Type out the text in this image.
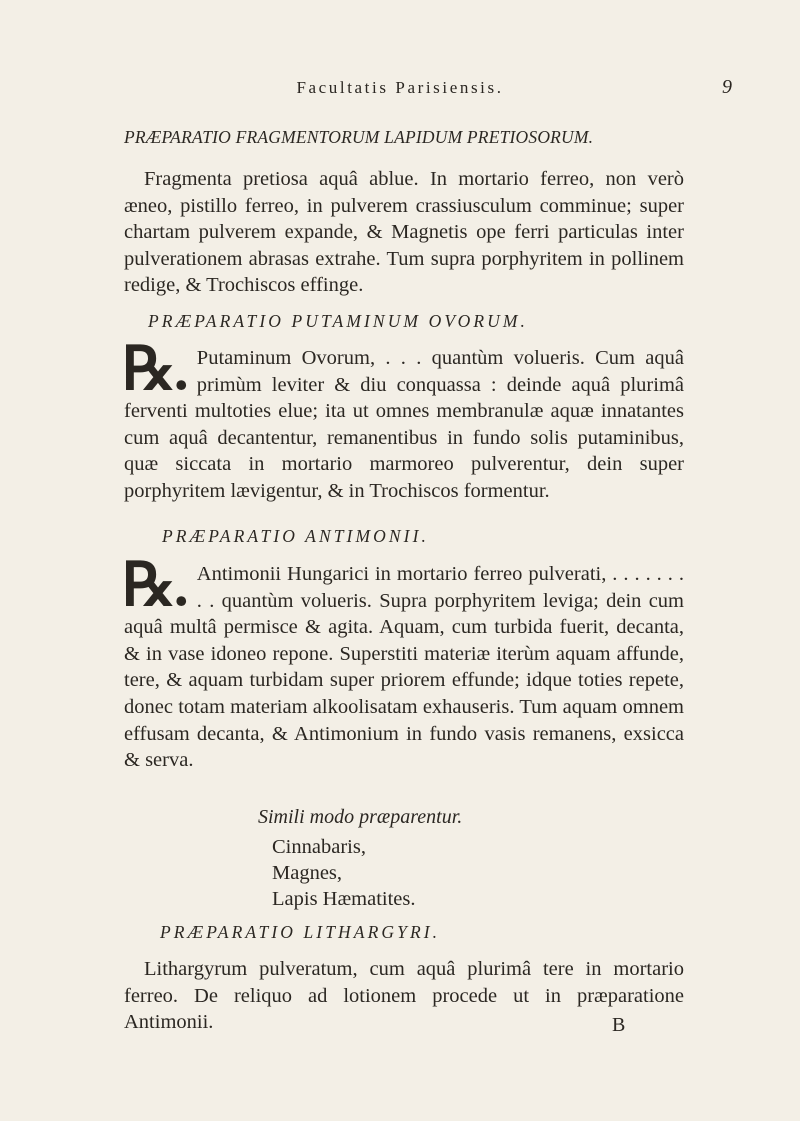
Facultatis Parisiensis.	9
PRÆPARATIO FRAGMENTORUM LAPIDUM PRETIOSORUM.
Fragmenta pretiosa aquâ ablue. In mortario ferreo, non verò æneo, pistillo ferreo, in pulverem crassiusculum comminue; super chartam pulverem expande, & Magnetis ope ferri particulas inter pulverationem abrasas extrahe. Tum supra porphyritem in pollinem redige, & Trochiscos effinge.
PRÆPARATIO PUTAMINUM OVORUM.
℞. Putaminum Ovorum, . . . quantùm volueris. Cum aquâ primùm leviter & diu conquassa : deinde aquâ plurimâ ferventi multoties elue; ita ut omnes membranulæ aquæ innatantes cum aquâ decantentur, remanentibus in fundo solis putaminibus, quæ siccata in mortario marmoreo pulverentur, dein super porphyritem lævigentur, & in Trochiscos formentur.
PRÆPARATIO ANTIMONII.
℞. Antimonii Hungarici in mortario ferreo pulverati, . . . . . . . . . quantùm volueris. Supra porphyritem leviga; dein cum aquâ multâ permisce & agita. Aquam, cum turbida fuerit, decanta, & in vase idoneo repone. Superstiti materiæ iterùm aquam affunde, tere, & aquam turbidam super priorem effunde; idque toties repete, donec totam materiam alkoolisatam exhauseris. Tum aquam omnem effusam decanta, & Antimonium in fundo vasis remanens, exsicca & serva.
Simili modo præparentur.
Cinnabaris,
Magnes,
Lapis Hæmatites.
PRÆPARATIO LITHARGYRI.
Lithargyrum pulveratum, cum aquâ plurimâ tere in mortario ferreo. De reliquo ad lotionem procede ut in præparatione Antimonii.	B
